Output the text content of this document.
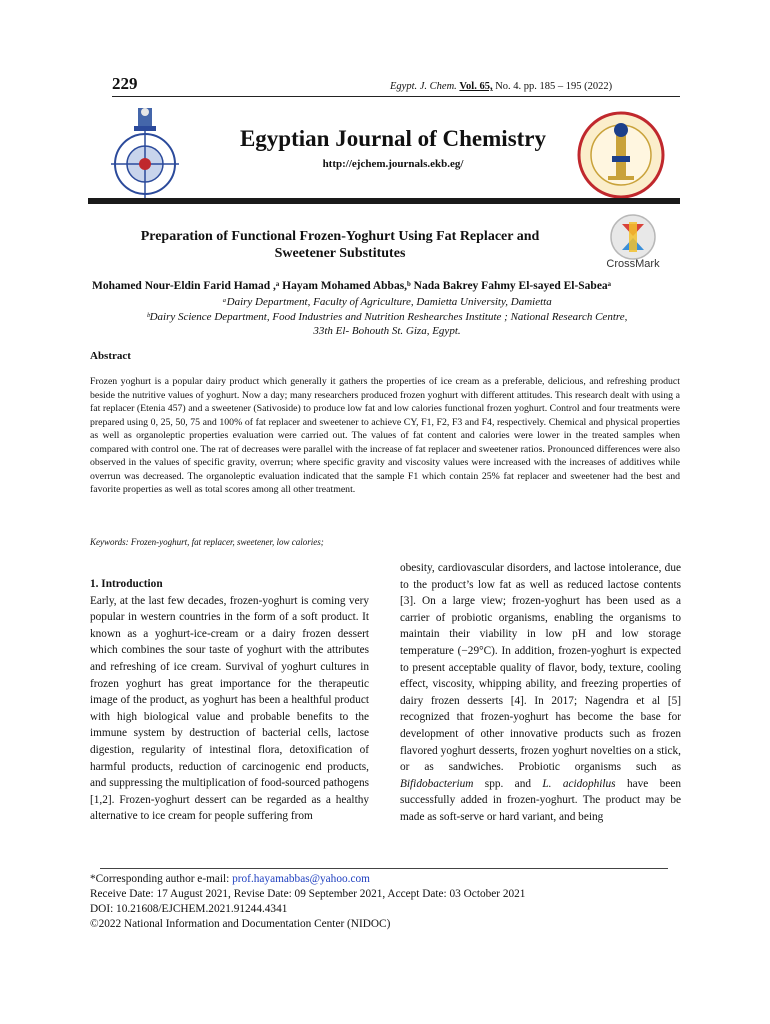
229	Egypt. J. Chem. Vol. 65, No. 4. pp. 185 – 195 (2022)
Egyptian Journal of Chemistry
http://ejchem.journals.ekb.eg/
Preparation of Functional Frozen-Yoghurt Using Fat Replacer and
Sweetener Substitutes
CrossMark
Mohamed Nour-Eldin Farid Hamad ,ᵃ Hayam Mohamed Abbas,ᵇ Nada Bakrey Fahmy El-sayed El-Sabeaᵃ
ᵃDairy Department, Faculty of Agriculture, Damietta University, Damietta
ᵇDairy Science Department, Food Industries and Nutrition Reshearches Institute ; National Research Centre,
33th El- Bohouth St. Giza, Egypt.
Abstract
Frozen yoghurt is a popular dairy product which generally it gathers the properties of ice cream as a preferable, delicious, and refreshing product beside the nutritive values of yoghurt. Now a day; many researchers produced frozen yoghurt with different attitudes. This research dealt with using a fat replacer (Etenia 457) and a sweetener (Sativoside) to produce low fat and low calories functional frozen yoghurt. Control and four treatments were prepared using 0, 25, 50, 75 and 100% of fat replacer and sweetener to achieve CY, F1, F2, F3 and F4, respectively. Chemical and physical properties as well as organoleptic properties evaluation were carried out. The values of fat content and calories were lower in the treated samples when compared with control one. The rat of decreases were parallel with the increase of fat replacer and sweetener ratios. Pronounced differences were also observed in the values of specific gravity, overrun; where specific gravity and viscosity values were increased with the increases of additives while overrun was decreased. The organoleptic evaluation indicated that the sample F1 which contain 25% fat replacer and sweetener had the best and favorite properties as well as total scores among all other treatment.
Keywords: Frozen-yoghurt, fat replacer, sweetener, low calories;
1. Introduction
Early, at the last few decades, frozen-yoghurt is coming very popular in western countries in the form of a soft product. It known as a yoghurt-ice-cream or a dairy frozen dessert which combines the sour taste of yoghurt with the attributes and refreshing of ice cream. Survival of yoghurt cultures in frozen yoghurt has great importance for the therapeutic image of the product, as yoghurt has been a healthful product with high biological value and probable benefits to the immune system by destruction of bacterial cells, lactose digestion, regularity of intestinal flora, detoxification of harmful products, reduction of carcinogenic end products, and suppressing the multiplication of food-sourced pathogens [1,2]. Frozen-yoghurt dessert can be regarded as a healthy alternative to ice cream for people suffering from
obesity, cardiovascular disorders, and lactose intolerance, due to the product’s low fat as well as reduced lactose contents [3]. On a large view; frozen-yoghurt has been used as a carrier of probiotic organisms, enabling the organisms to maintain their viability in low pH and low storage temperature (−29°C). In addition, frozen-yoghurt is expected to present acceptable quality of flavor, body, texture, cooling effect, viscosity, whipping ability, and freezing properties of dairy frozen desserts [4]. In 2017; Nagendra et al [5] recognized that frozen-yoghurt has become the base for development of other innovative products such as frozen flavored yoghurt desserts, frozen yoghurt novelties on a stick, or as sandwiches. Probiotic organisms such as Bifidobacterium spp. and L. acidophilus have been successfully added in frozen-yoghurt. The product may be made as soft-serve or hard variant, and being
*Corresponding author e-mail: prof.hayamabbas@yahoo.com
Receive Date: 17 August 2021, Revise Date: 09 September 2021, Accept Date: 03 October 2021
DOI: 10.21608/EJCHEM.2021.91244.4341
©2022 National Information and Documentation Center (NIDOC)
